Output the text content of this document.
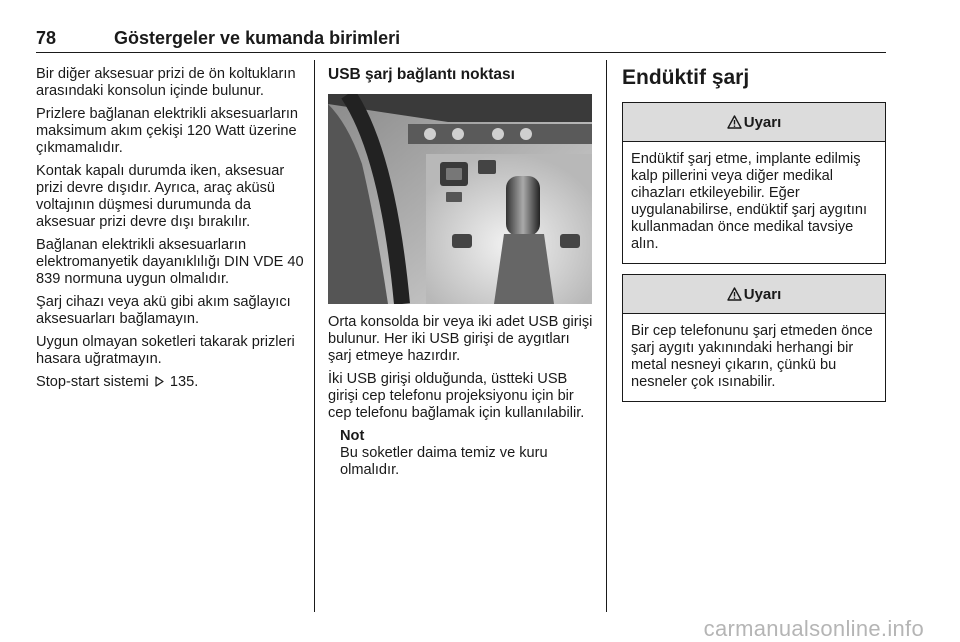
78	Göstergeler ve kumanda birimleri

Bir diğer aksesuar prizi de ön koltukların arasındaki konsolun içinde bulunur.

Prizlere bağlanan elektrikli aksesuarların maksimum akım çekişi 120 Watt üzerine çıkmamalıdır.

Kontak kapalı durumda iken, aksesuar prizi devre dışıdır. Ayrıca, araç aküsü voltajının düşmesi durumunda da aksesuar prizi devre dışı bırakılır.

Bağlanan elektrikli aksesuarların elektromanyetik dayanıklılığı DIN VDE 40 839 normuna uygun olmalıdır.

Şarj cihazı veya akü gibi akım sağlayıcı aksesuarları bağlamayın.

Uygun olmayan soketleri takarak prizleri hasara uğratmayın.

Stop-start sistemi 135.

USB şarj bağlantı noktası

Orta konsolda bir veya iki adet USB girişi bulunur. Her iki USB girişi de aygıtları şarj etmeye hazırdır.

İki USB girişi olduğunda, üstteki USB girişi cep telefonu projeksiyonu için bir cep telefonu bağlamak için kullanılabilir.

Not
Bu soketler daima temiz ve kuru olmalıdır.
Endüktif şarj
Uyarı
Endüktif şarj etme, implante edilmiş kalp pillerini veya diğer medikal cihazları etkileyebilir. Eğer uygulanabilirse, endüktif şarj aygıtını kullanmadan önce medikal tavsiye alın.
Uyarı
Bir cep telefonunu şarj etmeden önce şarj aygıtı yakınındaki herhangi bir metal nesneyi çıkarın, çünkü bu nesneler çok ısınabilir.
carmanualsonline.info
